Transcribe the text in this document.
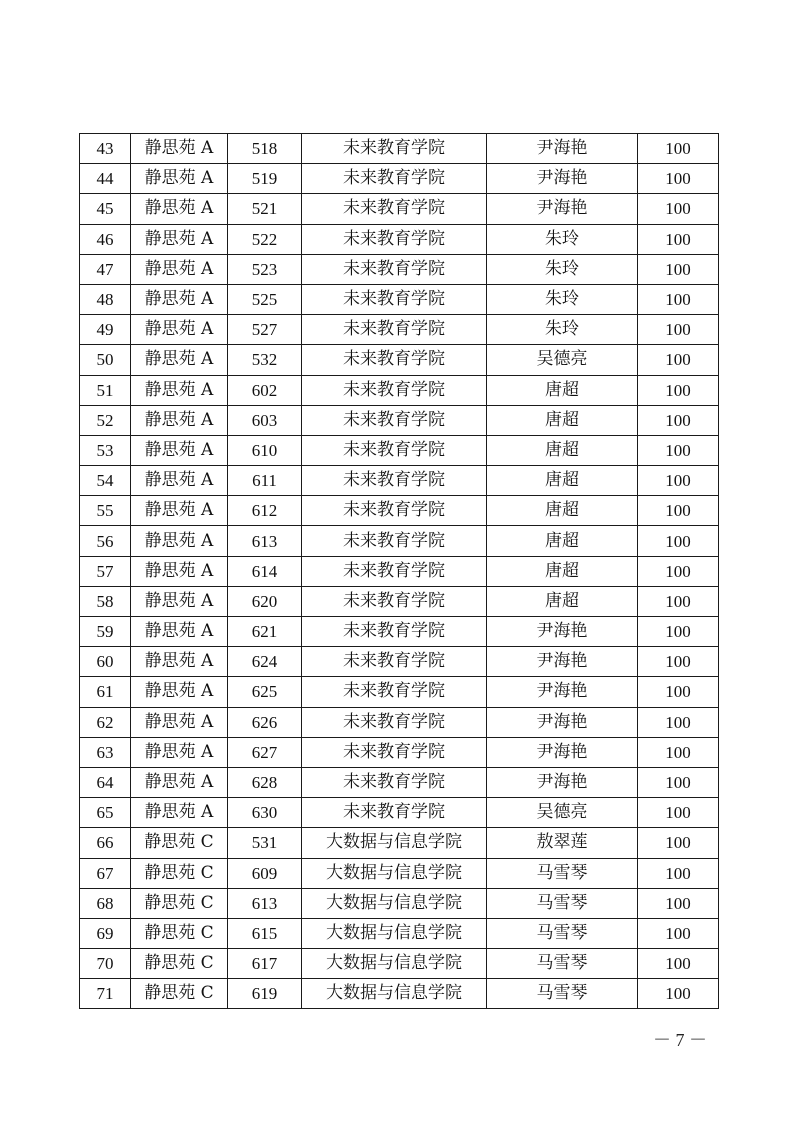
43	静思苑 A	518	未来教育学院	尹海艳	100
44	静思苑 A	519	未来教育学院	尹海艳	100
45	静思苑 A	521	未来教育学院	尹海艳	100
46	静思苑 A	522	未来教育学院	朱玲	100
47	静思苑 A	523	未来教育学院	朱玲	100
48	静思苑 A	525	未来教育学院	朱玲	100
49	静思苑 A	527	未来教育学院	朱玲	100
50	静思苑 A	532	未来教育学院	吴德亮	100
51	静思苑 A	602	未来教育学院	唐超	100
52	静思苑 A	603	未来教育学院	唐超	100
53	静思苑 A	610	未来教育学院	唐超	100
54	静思苑 A	611	未来教育学院	唐超	100
55	静思苑 A	612	未来教育学院	唐超	100
56	静思苑 A	613	未来教育学院	唐超	100
57	静思苑 A	614	未来教育学院	唐超	100
58	静思苑 A	620	未来教育学院	唐超	100
59	静思苑 A	621	未来教育学院	尹海艳	100
60	静思苑 A	624	未来教育学院	尹海艳	100
61	静思苑 A	625	未来教育学院	尹海艳	100
62	静思苑 A	626	未来教育学院	尹海艳	100
63	静思苑 A	627	未来教育学院	尹海艳	100
64	静思苑 A	628	未来教育学院	尹海艳	100
65	静思苑 A	630	未来教育学院	吴德亮	100
66	静思苑 C	531	大数据与信息学院	敖翠莲	100
67	静思苑 C	609	大数据与信息学院	马雪琴	100
68	静思苑 C	613	大数据与信息学院	马雪琴	100
69	静思苑 C	615	大数据与信息学院	马雪琴	100
70	静思苑 C	617	大数据与信息学院	马雪琴	100
71	静思苑 C	619	大数据与信息学院	马雪琴	100
－ 7 －
